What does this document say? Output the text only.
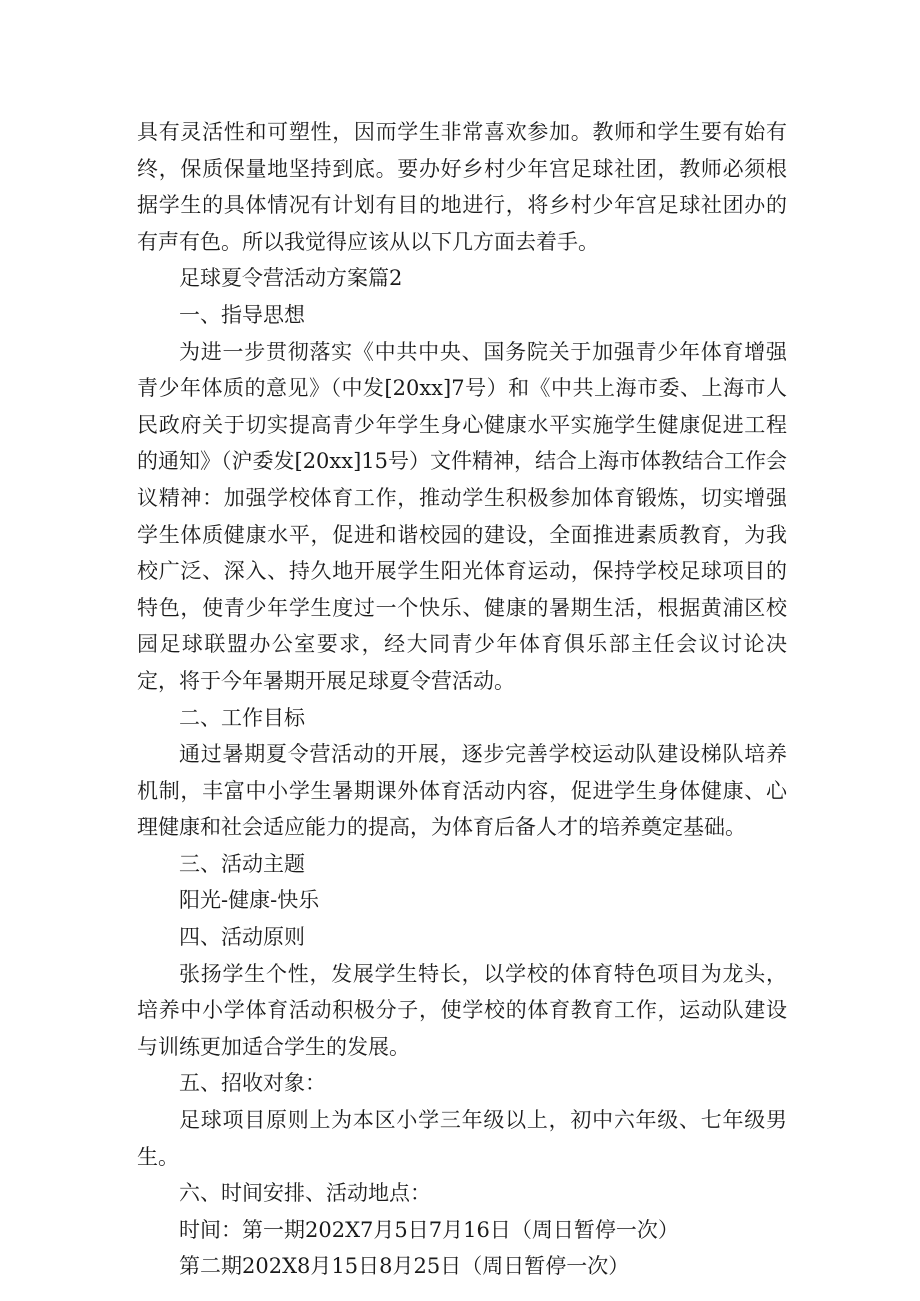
具有灵活性和可塑性，因而学生非常喜欢参加。教师和学生要有始有终，保质保量地坚持到底。要办好乡村少年宫足球社团，教师必须根据学生的具体情况有计划有目的地进行，将乡村少年宫足球社团办的有声有色。所以我觉得应该从以下几方面去着手。

足球夏令营活动方案篇2

一、指导思想

为进一步贯彻落实《中共中央、国务院关于加强青少年体育增强青少年体质的意见》（中发[20xx]7号）和《中共上海市委、上海市人民政府关于切实提高青少年学生身心健康水平实施学生健康促进工程的通知》（沪委发[20xx]15号）文件精神，结合上海市体教结合工作会议精神：加强学校体育工作，推动学生积极参加体育锻炼，切实增强学生体质健康水平，促进和谐校园的建设，全面推进素质教育，为我校广泛、深入、持久地开展学生阳光体育运动，保持学校足球项目的特色，使青少年学生度过一个快乐、健康的暑期生活，根据黄浦区校园足球联盟办公室要求，经大同青少年体育俱乐部主任会议讨论决定，将于今年暑期开展足球夏令营活动。

二、工作目标

通过暑期夏令营活动的开展，逐步完善学校运动队建设梯队培养机制，丰富中小学生暑期课外体育活动内容，促进学生身体健康、心理健康和社会适应能力的提高，为体育后备人才的培养奠定基础。

三、活动主题

阳光-健康-快乐

四、活动原则

张扬学生个性，发展学生特长，以学校的体育特色项目为龙头，培养中小学体育活动积极分子，使学校的体育教育工作，运动队建设与训练更加适合学生的发展。

五、招收对象：

足球项目原则上为本区小学三年级以上，初中六年级、七年级男生。

六、时间安排、活动地点：

时间：第一期202X7月5日7月16日（周日暂停一次）

第二期202X8月15日8月25日（周日暂停一次）
